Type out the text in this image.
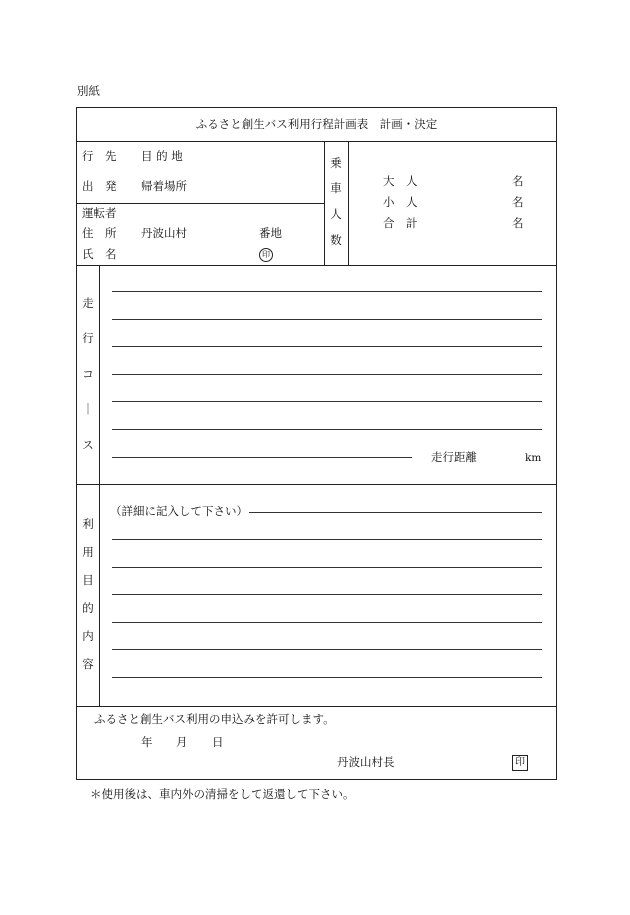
別紙
ふるさと創生バス利用行程計画表　計画・決定
行　先 目 的 地
出　発 帰着場所
運転者
住　所 丹波山村	番地
氏　名	印
乗
車
人
数
大　人	名
小　人	名
合　計	名
走
行
コ
｜
ス
走行距離	km
利
用
目
的
内
容
（詳細に記入して下さい）
ふるさと創生バス利用の申込みを許可します。
年 月 日
丹波山村長	印
＊使用後は、車内外の清掃をして返還して下さい。
